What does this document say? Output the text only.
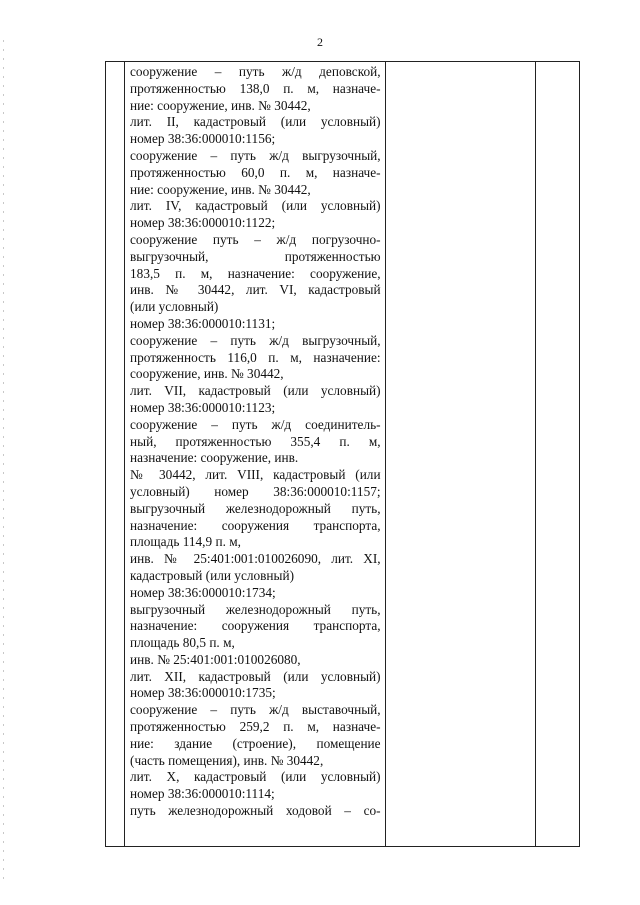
2

сооружение – путь ж/д деповской,
протяженностью 138,0 п. м, назначе-
ние: сооружение, инв. № 30442,
лит. II, кадастровый (или условный)
номер 38:36:000010:1156;
сооружение – путь ж/д выгрузочный,
протяженностью 60,0 п. м, назначе-
ние: сооружение, инв. № 30442,
лит. IV, кадастровый (или условный)
номер 38:36:000010:1122;
сооружение путь – ж/д погрузочно-
выгрузочный, протяженностью
183,5 п. м, назначение: сооружение,
инв. № 30442, лит. VI, кадастровый
(или условный)
номер 38:36:000010:1131;
сооружение – путь ж/д выгрузочный,
протяженность 116,0 п. м, назначение:
сооружение, инв. № 30442,
лит. VII, кадастровый (или условный)
номер 38:36:000010:1123;
сооружение – путь ж/д соединитель-
ный, протяженностью 355,4 п. м,
назначение: сооружение, инв.
№ 30442, лит. VIII, кадастровый (или
условный) номер 38:36:000010:1157;
выгрузочный железнодорожный путь,
назначение: сооружения транспорта,
площадь 114,9 п. м,
инв. № 25:401:001:010026090, лит. XI,
кадастровый (или условный)
номер 38:36:000010:1734;
выгрузочный железнодорожный путь,
назначение: сооружения транспорта,
площадь 80,5 п. м,
инв. № 25:401:001:010026080,
лит. XII, кадастровый (или условный)
номер 38:36:000010:1735;
сооружение – путь ж/д выставочный,
протяженностью 259,2 п. м, назначе-
ние: здание (строение), помещение
(часть помещения), инв. № 30442,
лит. X, кадастровый (или условный)
номер 38:36:000010:1114;
путь железнодорожный ходовой – со-
